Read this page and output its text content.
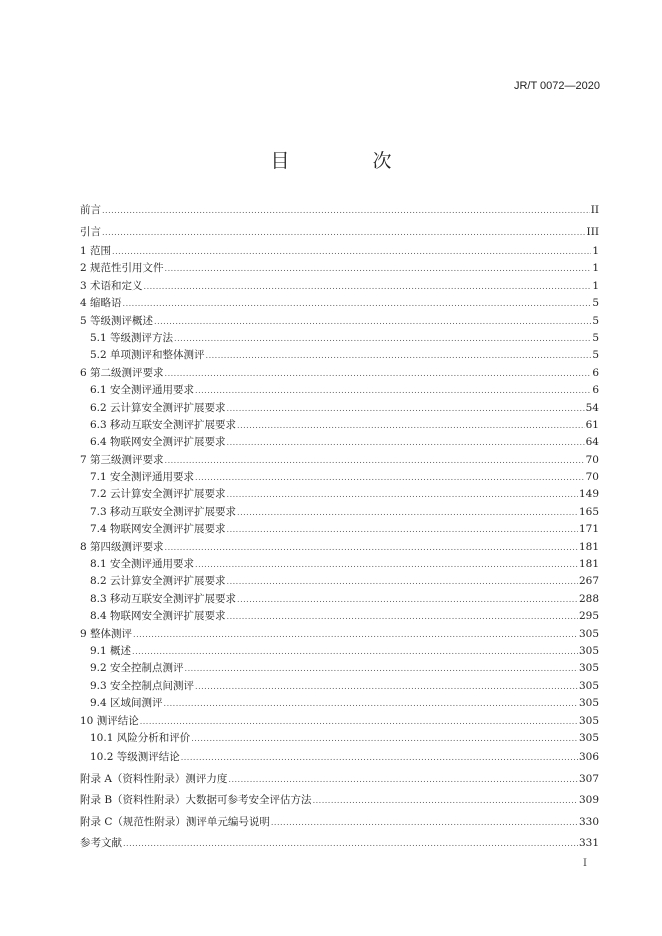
JR/T 0072—2020
目　次
前言 .....	II
引言 .....	III
1 范围 .....	1
2 规范性引用文件 .....	1
3 术语和定义 .....	1
4 缩略语 .....	5
5 等级测评概述 .....	5
5.1 等级测评方法 .....	5
5.2 单项测评和整体测评 .....	5
6 第二级测评要求 .....	6
6.1 安全测评通用要求 .....	6
6.2 云计算安全测评扩展要求 .....	54
6.3 移动互联安全测评扩展要求 .....	61
6.4 物联网安全测评扩展要求 .....	64
7 第三级测评要求 .....	70
7.1 安全测评通用要求 .....	70
7.2 云计算安全测评扩展要求 .....	149
7.3 移动互联安全测评扩展要求 .....	165
7.4 物联网安全测评扩展要求 .....	171
8 第四级测评要求 .....	181
8.1 安全测评通用要求 .....	181
8.2 云计算安全测评扩展要求 .....	267
8.3 移动互联安全测评扩展要求 .....	288
8.4 物联网安全测评扩展要求 .....	295
9 整体测评 .....	305
9.1 概述 .....	305
9.2 安全控制点测评 .....	305
9.3 安全控制点间测评 .....	305
9.4 区域间测评 .....	305
10 测评结论 .....	305
10.1 风险分析和评价 .....	305
10.2 等级测评结论 .....	306
附录 A（资料性附录）测评力度 .....	307
附录 B（资料性附录）大数据可参考安全评估方法 .....	309
附录 C（规范性附录）测评单元编号说明 .....	330
参考文献 .....	331
I
